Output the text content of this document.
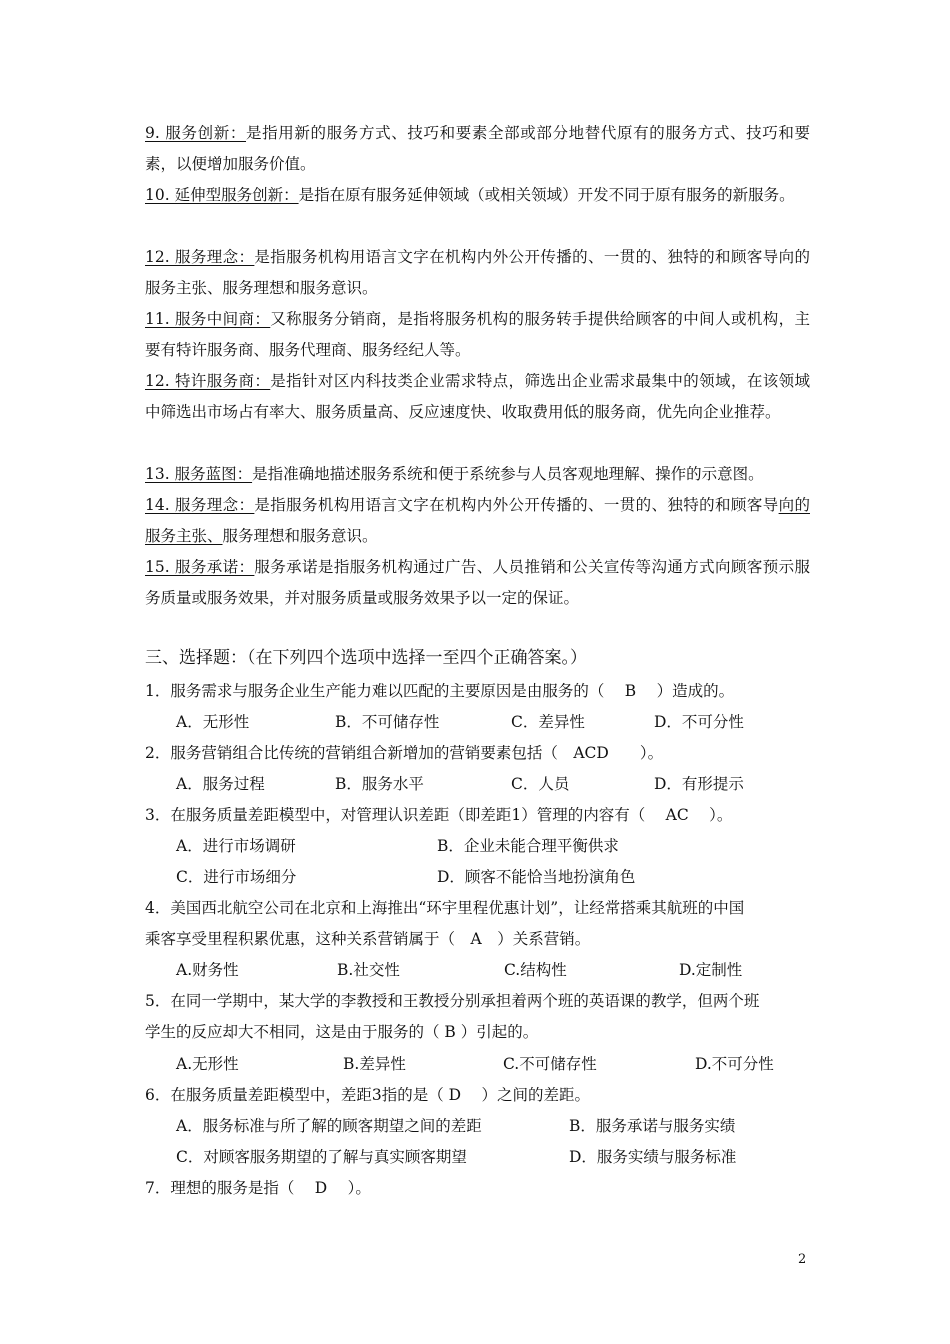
9. 服务创新：是指用新的服务方式、技巧和要素全部或部分地替代原有的服务方式、技巧和要素，以便增加服务价值。

10. 延伸型服务创新：是指在原有服务延伸领域（或相关领域）开发不同于原有服务的新服务。

12. 服务理念：是指服务机构用语言文字在机构内外公开传播的、一贯的、独特的和顾客导向的服务主张、服务理想和服务意识。

11. 服务中间商：又称服务分销商，是指将服务机构的服务转手提供给顾客的中间人或机构，主要有特许服务商、服务代理商、服务经纪人等。

12. 特许服务商：是指针对区内科技类企业需求特点，筛选出企业需求最集中的领域，在该领域中筛选出市场占有率大、服务质量高、反应速度快、收取费用低的服务商，优先向企业推荐。

13. 服务蓝图：是指准确地描述服务系统和便于系统参与人员客观地理解、操作的示意图。

14. 服务理念：是指服务机构用语言文字在机构内外公开传播的、一贯的、独特的和顾客导向的服务主张、服务理想和服务意识。

15. 服务承诺：服务承诺是指服务机构通过广告、人员推销和公关宣传等沟通方式向顾客预示服务质量或服务效果，并对服务质量或服务效果予以一定的保证。

三、选择题：（在下列四个选项中选择一至四个正确答案。）
1．服务需求与服务企业生产能力难以匹配的主要原因是由服务的（　 B　 ）造成的。
A．无形性	B．不可储存性	C．差异性	D．不可分性
2．服务营销组合比传统的营销组合新增加的营销要素包括（　ACD　　）。
A．服务过程	B．服务水平	C．人员	D．有形提示
3．在服务质量差距模型中，对管理认识差距（即差距1）管理的内容有（　 AC　 ）。
A．进行市场调研	B．企业未能合理平衡供求
C．进行市场细分	D．顾客不能恰当地扮演角色
4．美国西北航空公司在北京和上海推出“环宇里程优惠计划”，让经常搭乘其航班的中国
乘客享受里程积累优惠，这种关系营销属于（　A　）关系营销。
A.财务性	B.社交性	C.结构性	D.定制性
5．在同一学期中，某大学的李教授和王教授分别承担着两个班的英语课的教学，但两个班
学生的反应却大不相同，这是由于服务的（ B ）引起的。
A.无形性	B.差异性	C.不可储存性	D.不可分性
6．在服务质量差距模型中，差距3指的是（ D　 ）之间的差距。
A．服务标准与所了解的顾客期望之间的差距	B．服务承诺与服务实绩
C．对顾客服务期望的了解与真实顾客期望	D．服务实绩与服务标准
7．理想的服务是指（　 D　 ）。
2
